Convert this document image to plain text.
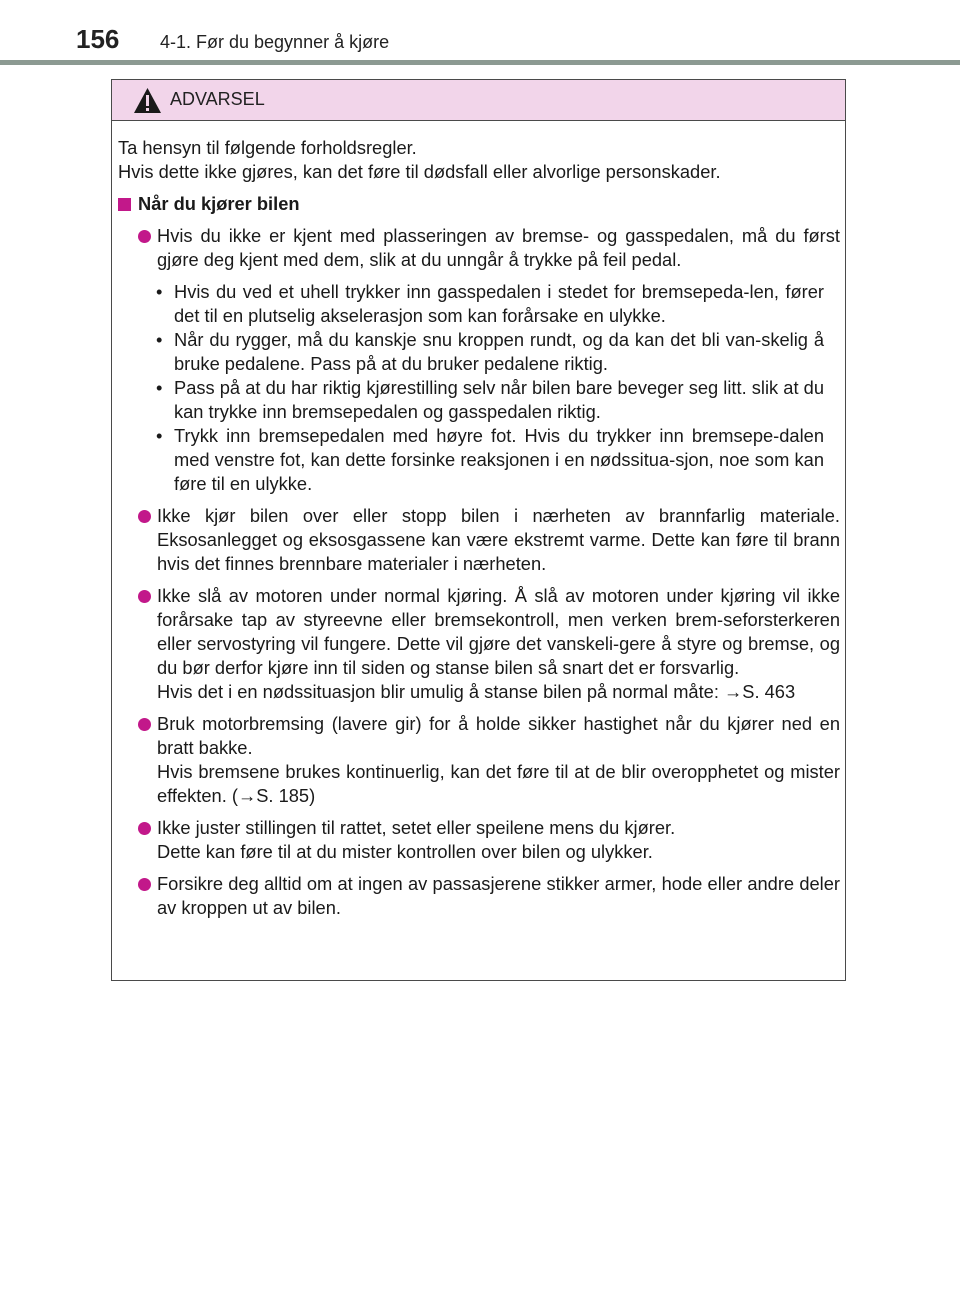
156 4-1. Før du begynner å kjøre
ADVARSEL

Ta hensyn til følgende forholdsregler.

Hvis dette ikke gjøres, kan det føre til dødsfall eller alvorlige personskader.

Når du kjører bilen

Hvis du ikke er kjent med plasseringen av bremse- og gasspedalen, må du først gjøre deg kjent med dem, slik at du unngår å trykke på feil pedal.

• Hvis du ved et uhell trykker inn gasspedalen i stedet for bremsepeda-len, fører det til en plutselig akselerasjon som kan forårsake en ulykke.
• Når du rygger, må du kanskje snu kroppen rundt, og da kan det bli van-skelig å bruke pedalene. Pass på at du bruker pedalene riktig.
• Pass på at du har riktig kjørestilling selv når bilen bare beveger seg litt. slik at du kan trykke inn bremsepedalen og gasspedalen riktig.
• Trykk inn bremsepedalen med høyre fot. Hvis du trykker inn bremsepe-dalen med venstre fot, kan dette forsinke reaksjonen i en nødssitua-sjon, noe som kan føre til en ulykke.

Ikke kjør bilen over eller stopp bilen i nærheten av brannfarlig materiale. Eksosanlegget og eksosgassene kan være ekstremt varme. Dette kan føre til brann hvis det finnes brennbare materialer i nærheten.

Ikke slå av motoren under normal kjøring. Å slå av motoren under kjøring vil ikke forårsake tap av styreevne eller bremsekontroll, men verken brem-seforsterkeren eller servostyring vil fungere. Dette vil gjøre det vanskeli-gere å styre og bremse, og du bør derfor kjøre inn til siden og stanse bilen så snart det er forsvarlig.

Hvis det i en nødssituasjon blir umulig å stanse bilen på normal måte: →S. 463

Bruk motorbremsing (lavere gir) for å holde sikker hastighet når du kjører ned en bratt bakke.

Hvis bremsene brukes kontinuerlig, kan det føre til at de blir overopphetet og mister effekten. (→S. 185)

Ikke juster stillingen til rattet, setet eller speilene mens du kjører.

Dette kan føre til at du mister kontrollen over bilen og ulykker.

Forsikre deg alltid om at ingen av passasjerene stikker armer, hode eller andre deler av kroppen ut av bilen.
